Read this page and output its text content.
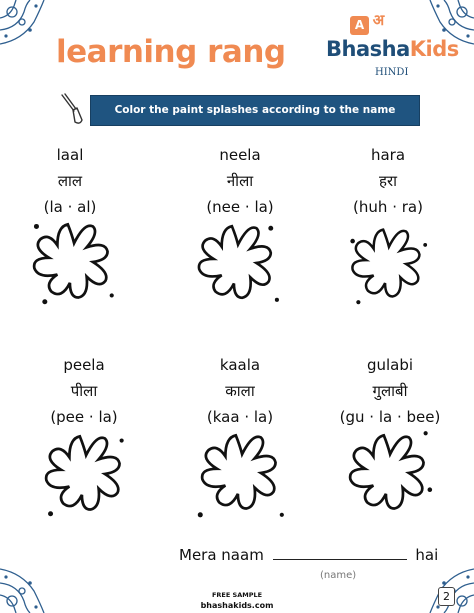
learning rang
A अ
BhashaKids
HINDI
Color the paint splashes according to the name
laal
लाल
(la · al)
neela
नीला
(nee · la)
hara
हरा
(huh · ra)
peela
पीला
(pee · la)
kaala
काला
(kaa · la)
gulabi
गुलाबी
(gu · la · bee)
Mera naam	hai
(name)
FREE SAMPLE
bhashakids.com
2
